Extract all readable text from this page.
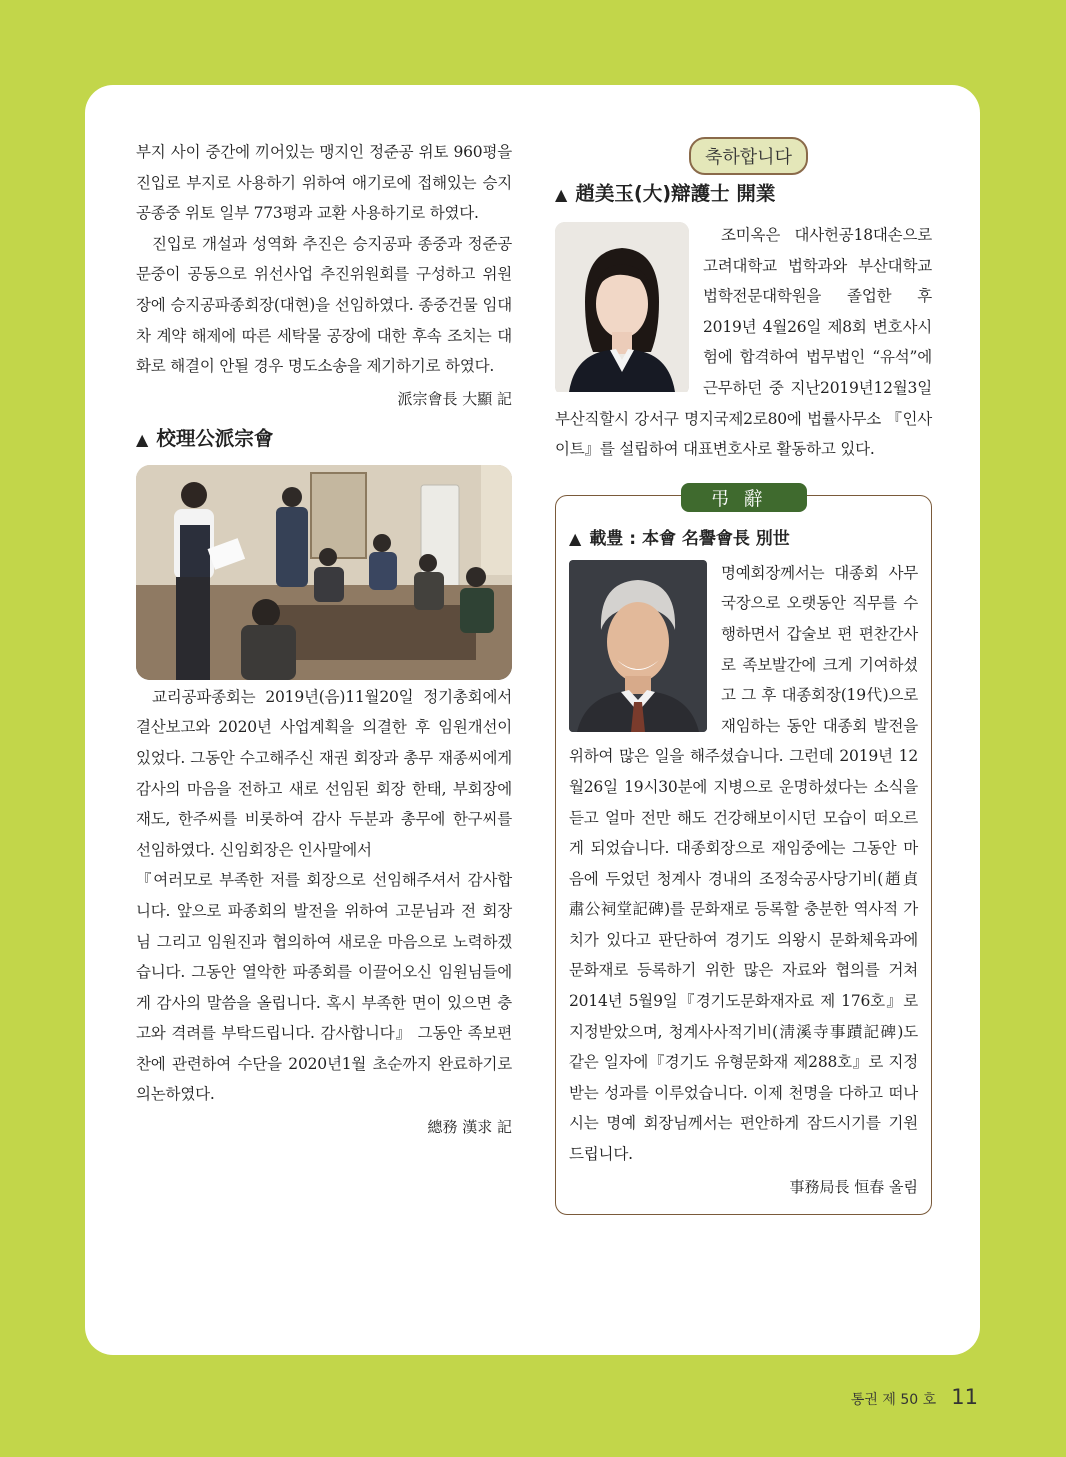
부지 사이 중간에 끼어있는 맹지인 정준공 위토 960평을 진입로 부지로 사용하기 위하여 애기로에 접해있는 승지공종중 위토 일부 773평과 교환 사용하기로 하였다.

진입로 개설과 성역화 추진은 승지공파 종중과 정준공 문중이 공동으로 위선사업 추진위원회를 구성하고 위원장에 승지공파종회장(대현)을 선임하였다. 종중건물 임대차 계약 해제에 따른 세탁물 공장에 대한 후속 조치는 대화로 해결이 안될 경우 명도소송을 제기하기로 하였다.

派宗會長 大顯 記

▲ 校理公派宗會

교리공파종회는 2019년(음)11월20일 정기총회에서 결산보고와 2020년 사업계획을 의결한 후 임원개선이 있었다. 그동안 수고해주신 재권 회장과 총무 재종씨에게 감사의 마음을 전하고 새로 선임된 회장 한태, 부회장에 재도, 한주씨를 비롯하여 감사 두분과 총무에 한구씨를 선임하였다. 신임회장은 인사말에서

『여러모로 부족한 저를 회장으로 선임해주셔서 감사합니다. 앞으로 파종회의 발전을 위하여 고문님과 전 회장님 그리고 임원진과 협의하여 새로운 마음으로 노력하겠습니다. 그동안 열악한 파종회를 이끌어오신 임원님들에게 감사의 말씀을 올립니다. 혹시 부족한 면이 있으면 충고와 격려를 부탁드립니다. 감사합니다』 그동안 족보편찬에 관련하여 수단을 2020년1월 초순까지 완료하기로 의논하였다.

總務 漢求 記

축하합니다
▲ 趙美玉(大)辯護士 開業

조미옥은 대사헌공18대손으로 고려대학교 법학과와 부산대학교 법학전문대학원을 졸업한 후 2019년 4월26일 제8회 변호사시험에 합격하여 법무법인 “유석”에 근무하던 중 지난2019년12월3일 부산직할시 강서구 명지국제2로80에 법률사무소 『인사이트』를 설립하여 대표변호사로 활동하고 있다.

弔辭
▲ 載豊 : 本會 名譽會長 別世

명예회장께서는 대종회 사무국장으로 오랫동안 직무를 수행하면서 갑술보 편 편찬간사로 족보발간에 크게 기여하셨고 그 후 대종회장(19代)으로 재임하는 동안 대종회 발전을 위하여 많은 일을 해주셨습니다. 그런데 2019년 12월26일 19시30분에 지병으로 운명하셨다는 소식을 듣고 얼마 전만 해도 건강해보이시던 모습이 떠오르게 되었습니다. 대종회장으로 재임중에는 그동안 마음에 두었던 청계사 경내의 조정숙공사당기비(趙貞肅公祠堂記碑)를 문화재로 등록할 충분한 역사적 가치가 있다고 판단하여 경기도 의왕시 문화체육과에 문화재로 등록하기 위한 많은 자료와 협의를 거쳐 2014년 5월9일『경기도문화재자료 제 176호』로 지정받았으며, 청계사사적기비(淸溪寺事蹟記碑)도 같은 일자에『경기도 유형문화재 제288호』로 지정받는 성과를 이루었습니다. 이제 천명을 다하고 떠나시는 명예 회장님께서는 편안하게 잠드시기를 기원 드립니다.

事務局長 恒春 올림

통권 제 50 호 11
